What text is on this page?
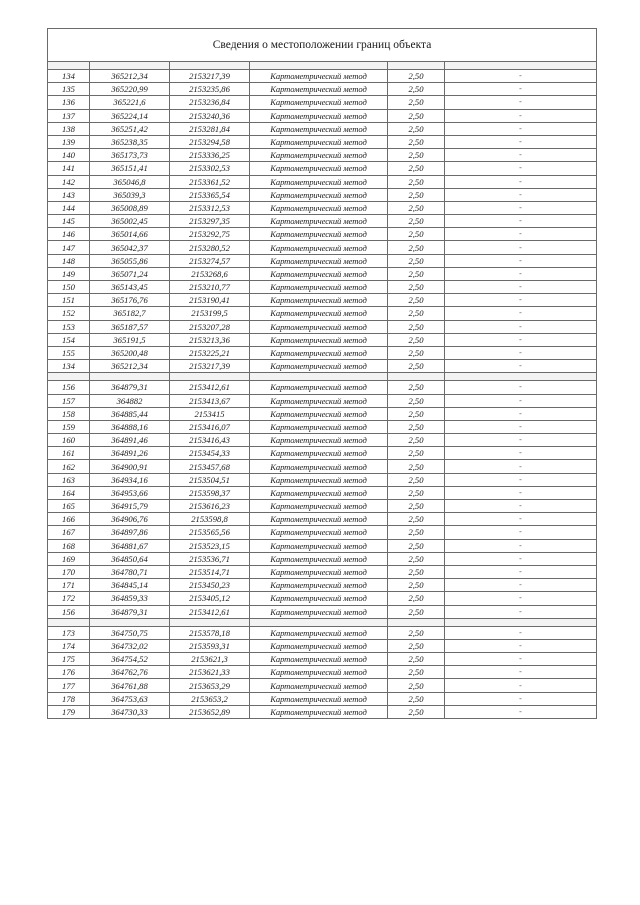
Сведения о местоположении границ объекта					

134	365212,34	2153217,39	Картометрический метод	2,50	-
135	365220,99	2153235,86	Картометрический метод	2,50	-
136	365221,6	2153236,84	Картометрический метод	2,50	-
137	365224,14	2153240,36	Картометрический метод	2,50	-
138	365251,42	2153281,84	Картометрический метод	2,50	-
139	365238,35	2153294,58	Картометрический метод	2,50	-
140	365173,73	2153336,25	Картометрический метод	2,50	-
141	365151,41	2153302,53	Картометрический метод	2,50	-
142	365046,8	2153361,52	Картометрический метод	2,50	-
143	365039,3	2153365,54	Картометрический метод	2,50	-
144	365008,89	2153312,53	Картометрический метод	2,50	-
145	365002,45	2153297,35	Картометрический метод	2,50	-
146	365014,66	2153292,75	Картометрический метод	2,50	-
147	365042,37	2153280,52	Картометрический метод	2,50	-
148	365055,86	2153274,57	Картометрический метод	2,50	-
149	365071,24	2153268,6	Картометрический метод	2,50	-
150	365143,45	2153210,77	Картометрический метод	2,50	-
151	365176,76	2153190,41	Картометрический метод	2,50	-
152	365182,7	2153199,5	Картометрический метод	2,50	-
153	365187,57	2153207,28	Картометрический метод	2,50	-
154	365191,5	2153213,36	Картометрический метод	2,50	-
155	365200,48	2153225,21	Картометрический метод	2,50	-
134	365212,34	2153217,39	Картометрический метод	2,50	-

156	364879,31	2153412,61	Картометрический метод	2,50	-
157	364882	2153413,67	Картометрический метод	2,50	-
158	364885,44	2153415	Картометрический метод	2,50	-
159	364888,16	2153416,07	Картометрический метод	2,50	-
160	364891,46	2153416,43	Картометрический метод	2,50	-
161	364891,26	2153454,33	Картометрический метод	2,50	-
162	364900,91	2153457,68	Картометрический метод	2,50	-
163	364934,16	2153504,51	Картометрический метод	2,50	-
164	364953,66	2153598,37	Картометрический метод	2,50	-
165	364915,79	2153616,23	Картометрический метод	2,50	-
166	364906,76	2153598,8	Картометрический метод	2,50	-
167	364897,86	2153565,56	Картометрический метод	2,50	-
168	364881,67	2153523,15	Картометрический метод	2,50	-
169	364850,64	2153536,71	Картометрический метод	2,50	-
170	364780,71	2153514,71	Картометрический метод	2,50	-
171	364845,14	2153450,23	Картометрический метод	2,50	-
172	364859,33	2153405,12	Картометрический метод	2,50	-
156	364879,31	2153412,61	Картометрический метод	2,50	-

173	364750,75	2153578,18	Картометрический метод	2,50	-
174	364732,02	2153593,31	Картометрический метод	2,50	-
175	364754,52	2153621,3	Картометрический метод	2,50	-
176	364762,76	2153621,33	Картометрический метод	2,50	-
177	364761,88	2153653,29	Картометрический метод	2,50	-
178	364753,63	2153653,2	Картометрический метод	2,50	-
179	364730,33	2153652,89	Картометрический метод	2,50	-
